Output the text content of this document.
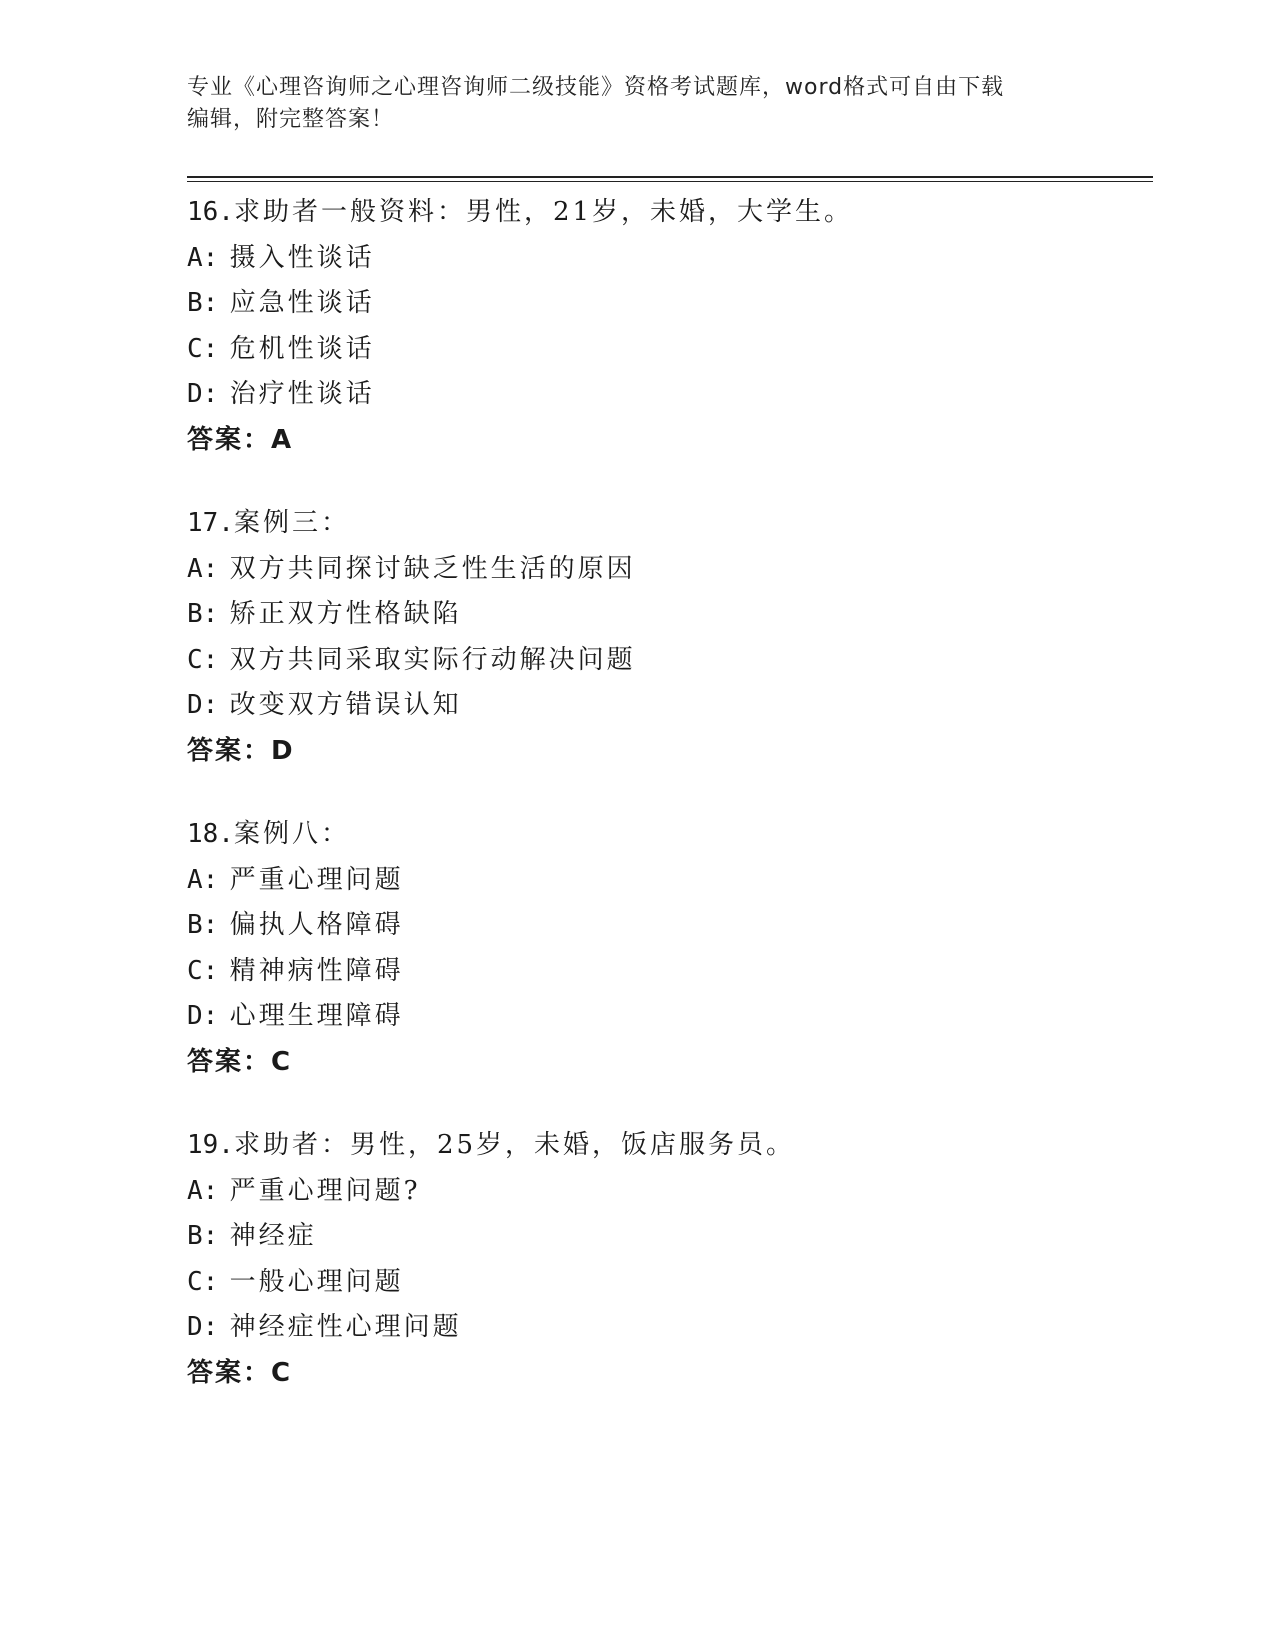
专业《心理咨询师之心理咨询师二级技能》资格考试题库，word格式可自由下载
编辑，附完整答案！
16.求助者一般资料：男性，21岁，未婚，大学生。
A: 摄入性谈话
B: 应急性谈话
C: 危机性谈话
D: 治疗性谈话
答案：A
17.案例三：
A: 双方共同探讨缺乏性生活的原因
B: 矫正双方性格缺陷
C: 双方共同采取实际行动解决问题
D: 改变双方错误认知
答案：D
18.案例八：
A: 严重心理问题
B: 偏执人格障碍
C: 精神病性障碍
D: 心理生理障碍
答案：C
19.求助者：男性，25岁，未婚，饭店服务员。
A: 严重心理问题?
B: 神经症
C: 一般心理问题
D: 神经症性心理问题
答案：C
